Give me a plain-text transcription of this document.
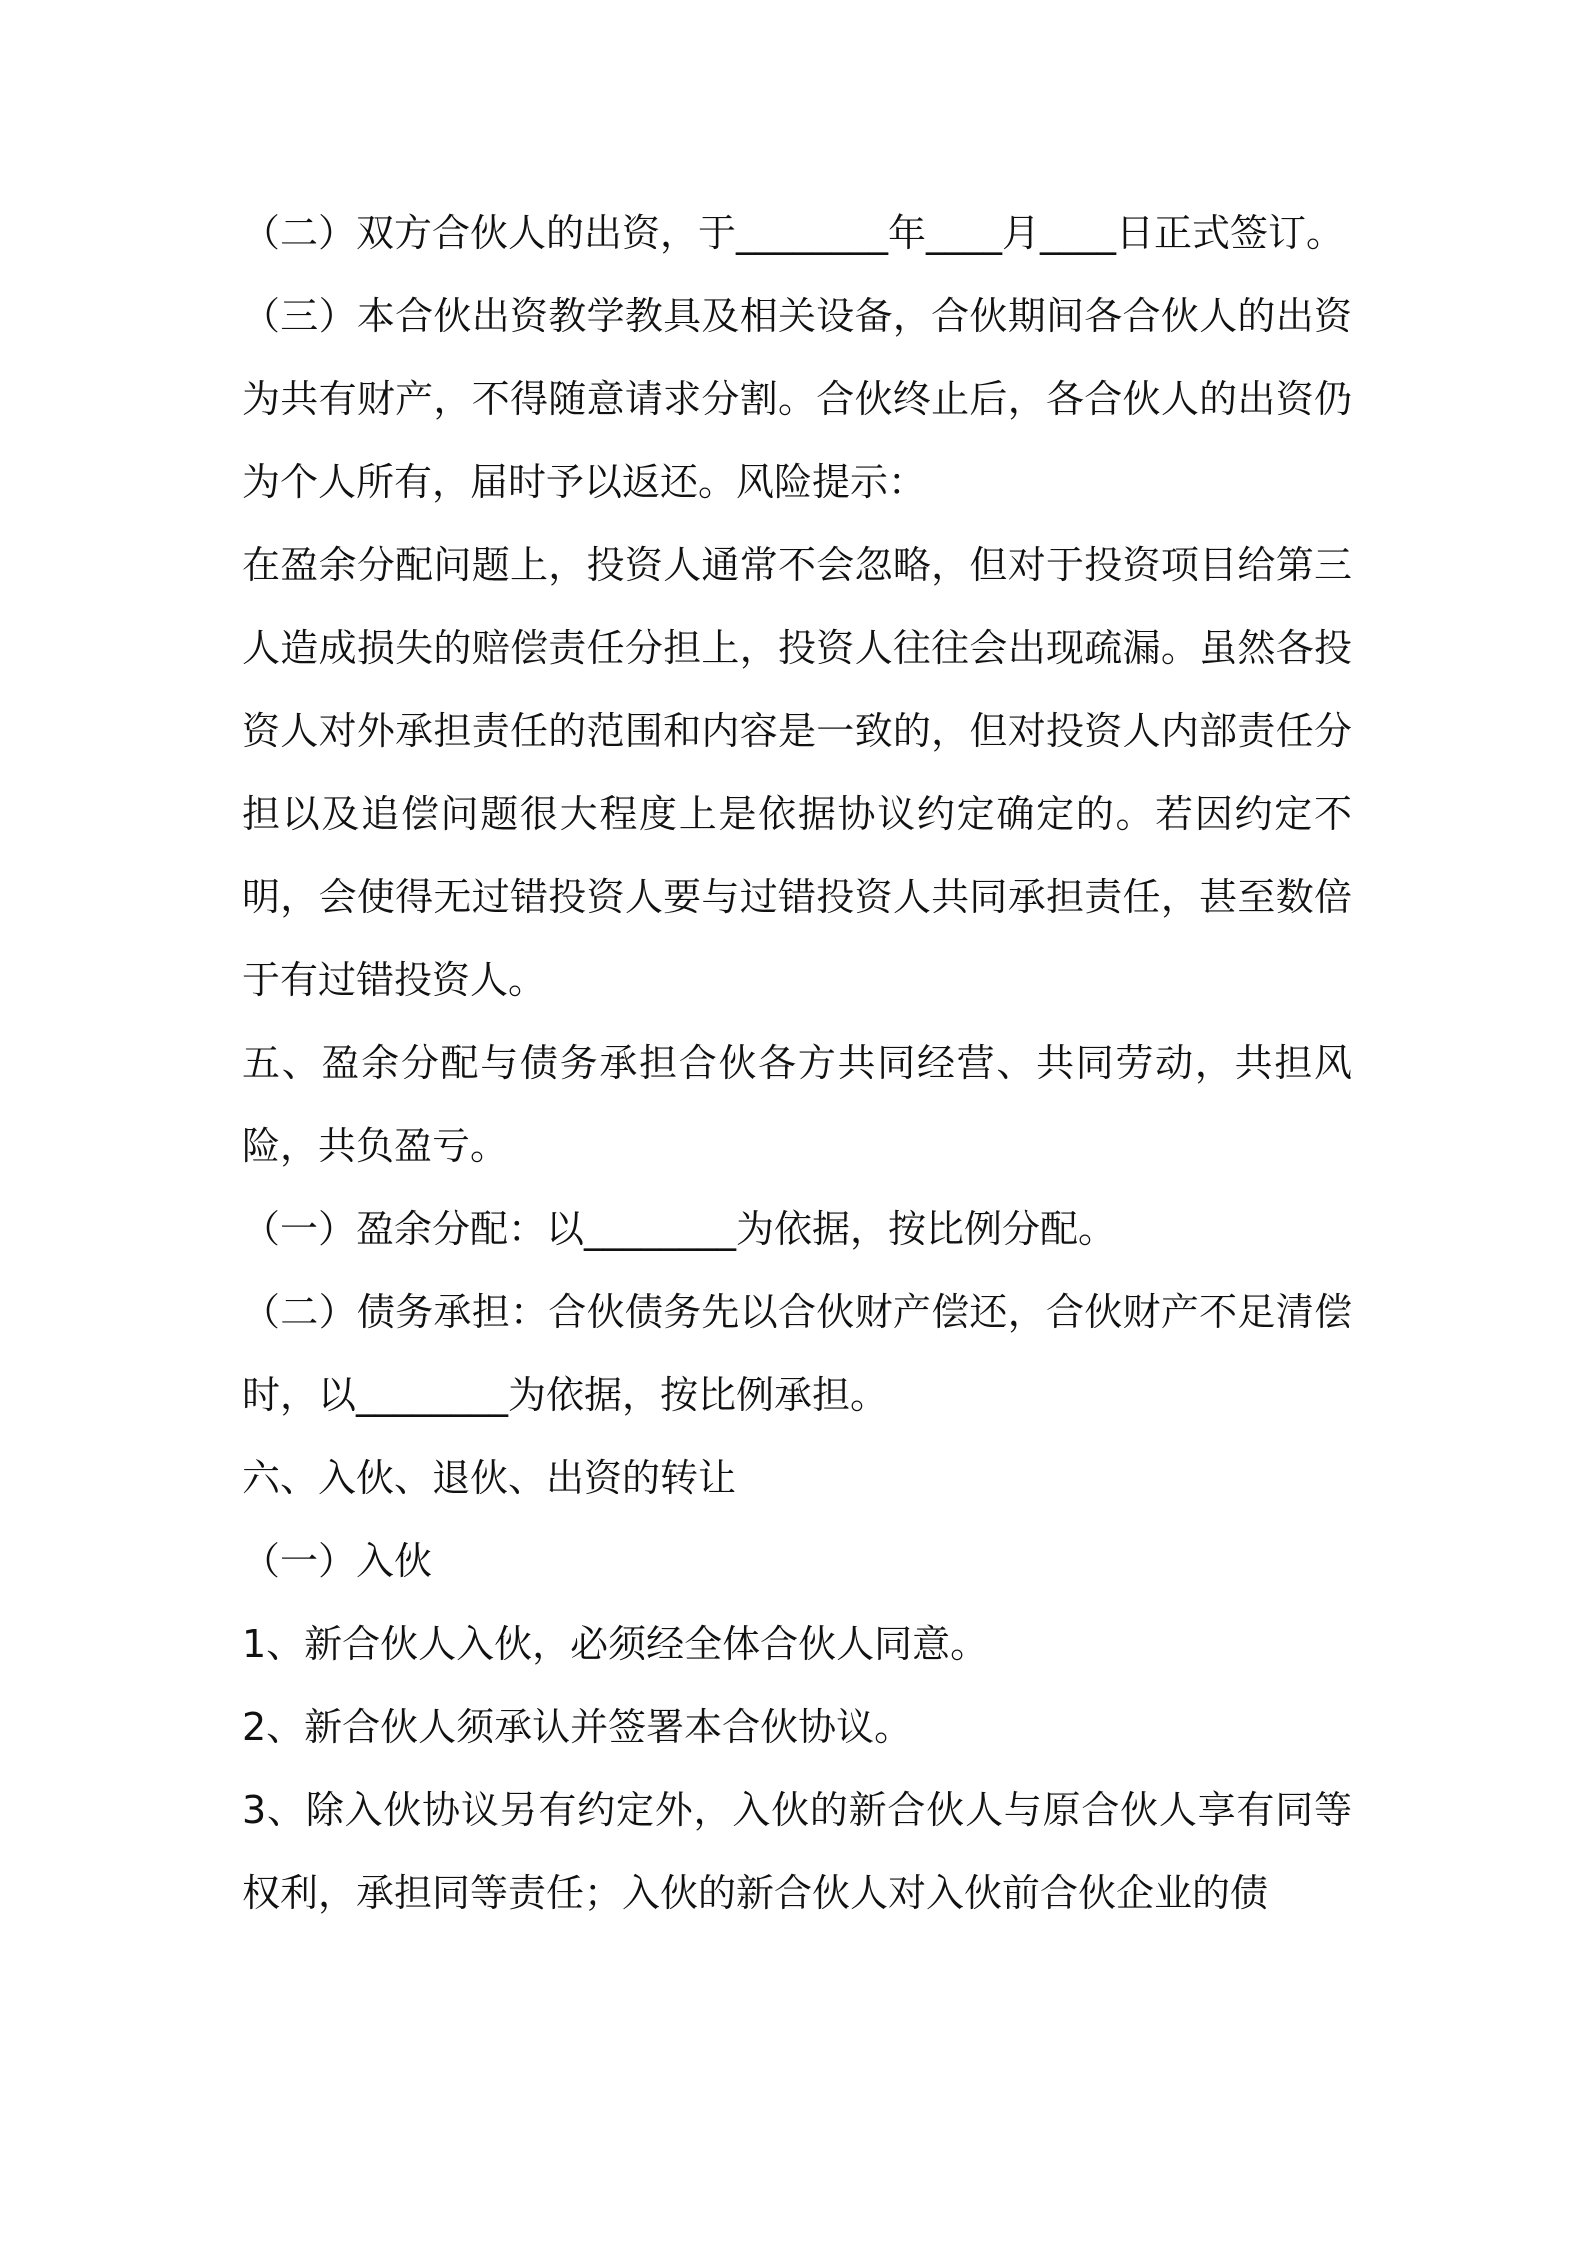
（二）双方合伙人的出资，于________年____月____日正式签订。

（三）本合伙出资教学教具及相关设备，合伙期间各合伙人的出资为共有财产，不得随意请求分割。合伙终止后，各合伙人的出资仍为个人所有，届时予以返还。风险提示：

在盈余分配问题上，投资人通常不会忽略，但对于投资项目给第三人造成损失的赔偿责任分担上，投资人往往会出现疏漏。虽然各投资人对外承担责任的范围和内容是一致的，但对投资人内部责任分担以及追偿问题很大程度上是依据协议约定确定的。若因约定不明，会使得无过错投资人要与过错投资人共同承担责任，甚至数倍于有过错投资人。

五、盈余分配与债务承担合伙各方共同经营、共同劳动，共担风险，共负盈亏。

（一）盈余分配：以________为依据，按比例分配。

（二）债务承担：合伙债务先以合伙财产偿还，合伙财产不足清偿时，以________为依据，按比例承担。

六、入伙、退伙、出资的转让

（一）入伙

1、新合伙人入伙，必须经全体合伙人同意。

2、新合伙人须承认并签署本合伙协议。

3、除入伙协议另有约定外，入伙的新合伙人与原合伙人享有同等权利，承担同等责任；入伙的新合伙人对入伙前合伙企业的债
